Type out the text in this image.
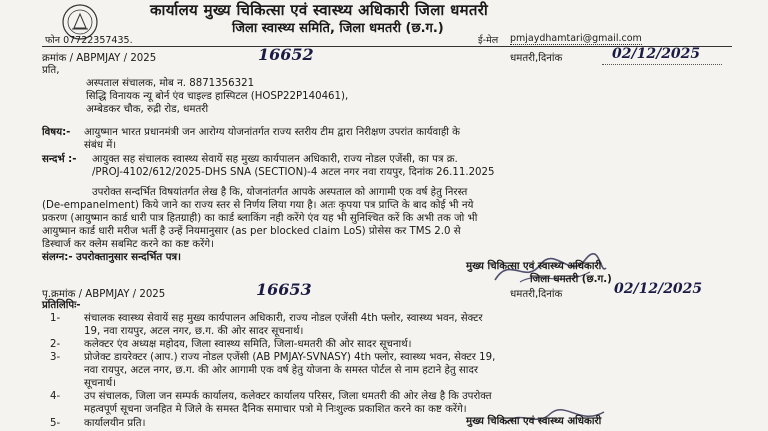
कार्यालय मुख्य चिकित्सा एवं स्वास्थ्य अधिकारी जिला धमतरी
जिला स्वास्थ्य समिति, जिला धमतरी (छ.ग.)
फोन 07722357435.	ई-मेल pmjaydhamtari@gmail.com
क्रमांक / ABPMJAY / 2025	16652	धमतरी,दिनांक	02/12/2025
प्रति,
अस्पताल संचालक, मोब न. 8871356321
सिद्धि विनायक न्यू बोर्न एंव चाइल्ड हास्पिटल (HOSP22P140461),
अम्बेडकर चौक, रुद्री रोड, धमतरी
विषय:- आयुष्मान भारत प्रधानमंत्री जन आरोग्य योजनांतर्गत राज्य स्तरीय टीम द्वारा निरीक्षण उपरांत कार्यवाही के
संबंध में।
सन्दर्भ :- आयुक्त सह संचालक स्वास्थ्य सेवायें सह मुख्य कार्यपालन अधिकारी, राज्य नोडल एजेंसी, का पत्र क्र.
/PROJ-4102/612/2025-DHS SNA (SECTION)-4 अटल नगर नवा रायपुर, दिनांक 26.11.2025
उपरोक्त सन्दर्भित विषयांतर्गत लेख है कि, योजनांतर्गत आपके अस्पताल को आगामी एक वर्ष हेतु निरस्त
(De-empanelment) किये जाने का राज्य स्तर से निर्णय लिया गया है। अतः कृपया पत्र प्राप्ति के बाद कोई भी नये
प्रकरण (आयुष्मान कार्ड धारी पात्र हितग्राही) का कार्ड ब्लाकिंग नही करेंगे एंव यह भी सुनिश्चित करें कि अभी तक जो भी
आयुष्मान कार्ड धारी मरीज भर्ती है उन्हें नियमानुसार (as per blocked claim LoS) प्रोसेस कर TMS 2.0 से
डिस्चार्ज कर क्लेम सबमिट करने का कष्ट करेंगे।
संलग्न:- उपरोक्तानुसार सन्दर्भित पत्र।
मुख्य चिकित्सा एवं स्वास्थ्य अधिकारी
जिला धमतरी (छ.ग.)
पृ.क्रमांक / ABPMJAY / 2025	16653	धमतरी,दिनांक	02/12/2025
प्रतिलिपिः-
1- संचालक स्वास्थ्य सेवायें सह मुख्य कार्यपालन अधिकारी, राज्य नोडल एजेंसी 4th फ्लोर, स्वास्थ्य भवन, सेक्टर
19, नवा रायपुर, अटल नगर, छ.ग. की ओर सादर सूचनार्थ।
2- कलेक्टर एंव अध्यक्ष महोदय, जिला स्वास्थ्य समिति, जिला-धमतरी की ओर सादर सूचनार्थ।
3- प्रोजेक्ट डायरेक्टर (आप.) राज्य नोडल एजेंसी (AB PMJAY-SVNASY) 4th फ्लोर, स्वास्थ्य भवन, सेक्टर 19,
नवा रायपुर, अटल नगर, छ.ग. की ओर आगामी एक वर्ष हेतु योजना के समस्त पोर्टल से नाम हटाने हेतु सादर
सूचनार्थ।
4- उप संचालक, जिला जन सम्पर्क कार्यालय, कलेक्टर कार्यालय परिसर, जिला धमतरी की ओर लेख है कि उपरोक्त
महत्वपूर्ण सूचना जनहित मे जिले के समस्त दैनिक समाचार पत्रो मे निःशुल्क प्रकाशित करने का कष्ट करेंगे।
5- कार्यालयीन प्रति।	मुख्य चिकित्सा एवं स्वास्थ्य अधिकारी
